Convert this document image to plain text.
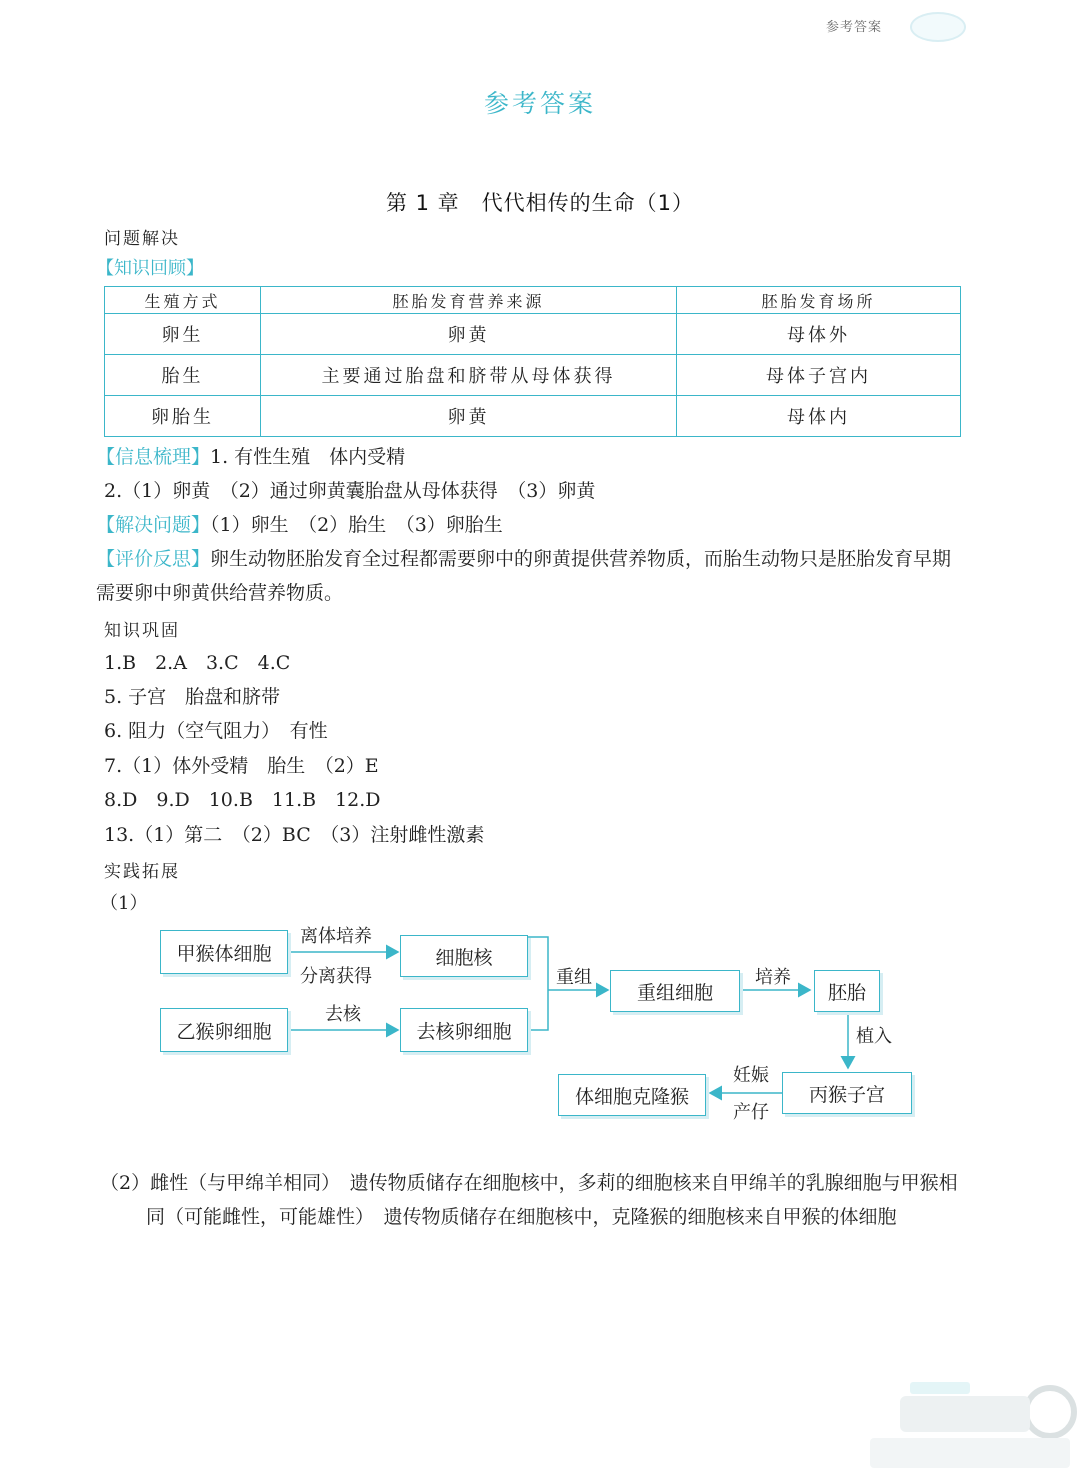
参考答案
参考答案
第 1 章　代代相传的生命（1）
问题解决
【知识回顾】
生殖方式	胚胎发育营养来源	胚胎发育场所
卵生	卵黄	母体外
胎生	主要通过胎盘和脐带从母体获得	母体子宫内
卵胎生	卵黄	母体内
【信息梳理】1. 有性生殖　体内受精
2.（1）卵黄　（2）通过卵黄囊胎盘从母体获得　（3）卵黄
【解决问题】（1）卵生　（2）胎生　（3）卵胎生
【评价反思】卵生动物胚胎发育全过程都需要卵中的卵黄提供营养物质，而胎生动物只是胚胎发育早期需要卵中卵黄供给营养物质。
知识巩固
1.B　2.A　3.C　4.C
5. 子宫　胎盘和脐带
6. 阻力（空气阻力）　有性
7.（1）体外受精　胎生　（2）E
8.D　9.D　10.B　11.B　12.D
13.（1）第二　（2）BC　（3）注射雌性激素
实践拓展
（1）
甲猴体细胞	细胞核
乙猴卵细胞	去核卵细胞
重组细胞	胚胎
丙猴子宫
体细胞克隆猴
离体培养
分离获得
去核
重组	培养
植入
妊娠
产仔
（2）雌性（与甲绵羊相同）　遗传物质储存在细胞核中，多莉的细胞核来自甲绵羊的乳腺细胞与甲猴相同（可能雌性，可能雄性）　遗传物质储存在细胞核中，克隆猴的细胞核来自甲猴的体细胞
